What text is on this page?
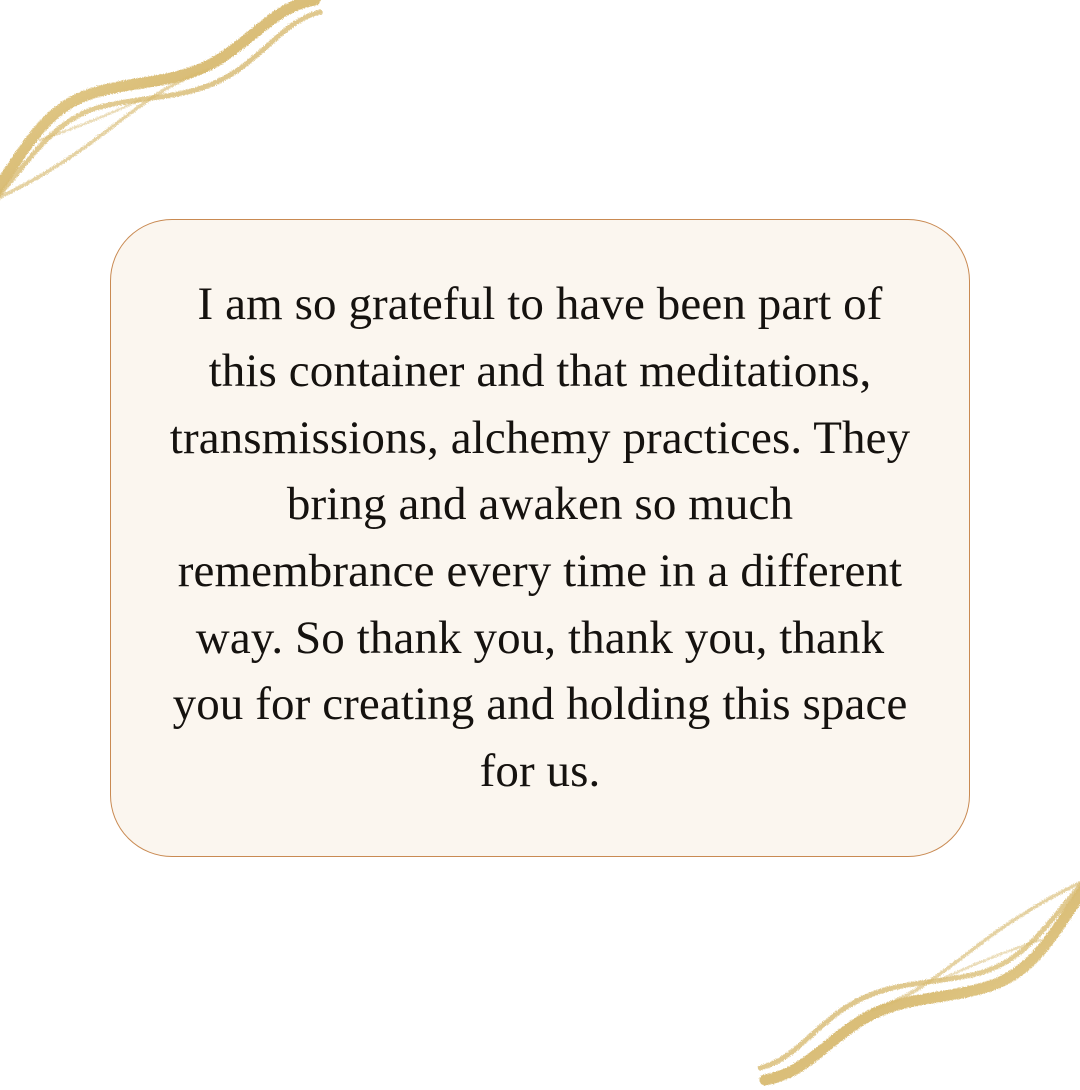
I am so grateful to have been part of this container and that meditations, transmissions, alchemy practices. They bring and awaken so much remembrance every time in a different way. So thank you, thank you, thank you for creating and holding this space for us.
